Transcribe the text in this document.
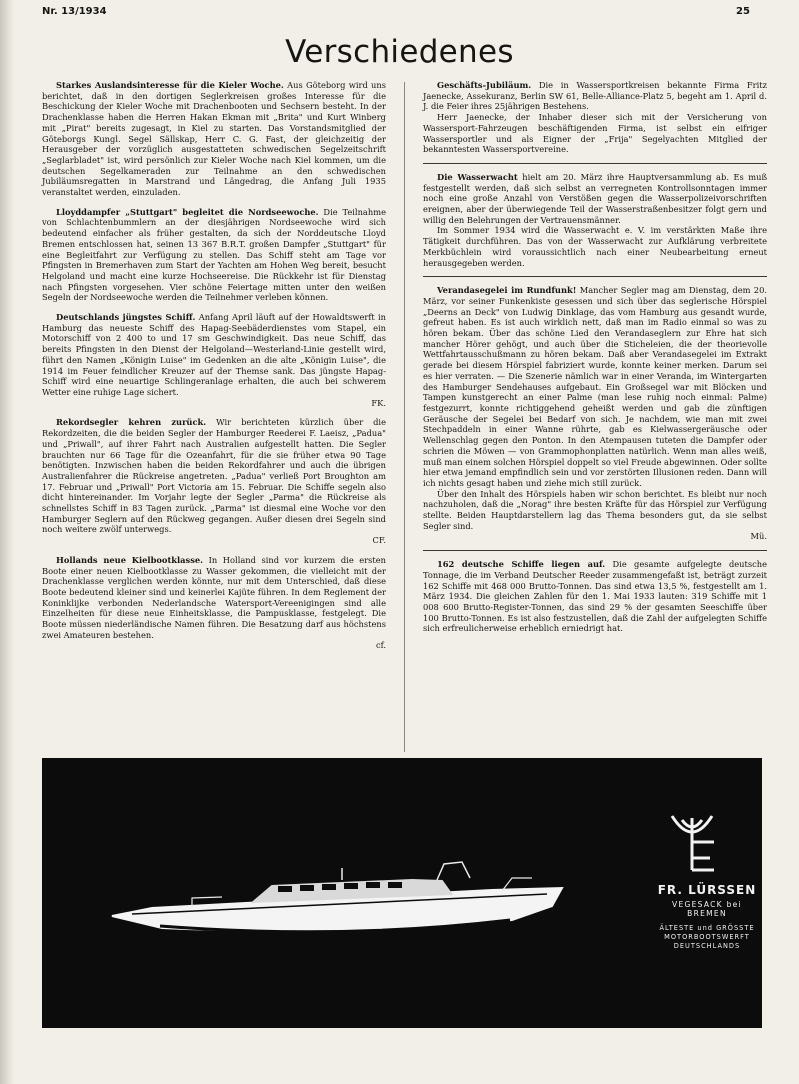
Nr. 13/1934	25
Verschiedenes

Starkes Auslandsinteresse für die Kieler Woche. Aus Göteborg wird uns berichtet, daß in den dortigen Seglerkreisen großes Interesse für die Beschickung der Kieler Woche mit Drachenbooten und Sechsern besteht. In der Drachenklasse haben die Herren Hakan Ekman mit „Brita" und Kurt Winberg mit „Pirat" bereits zugesagt, in Kiel zu starten. Das Vorstandsmitglied der Göteborgs Kungl. Segel Sällskap, Herr C. G. Fast, der gleichzeitig der Herausgeber der vorzüglich ausgestatteten schwedischen Segelzeitschrift „Seglarbladet" ist, wird persönlich zur Kieler Woche nach Kiel kommen, um die deutschen Segelkameraden zur Teilnahme an den schwedischen Jubiläumsregatten in Marstrand und Längedrag, die Anfang Juli 1935 veranstaltet werden, einzuladen.

Lloyddampfer „Stuttgart" begleitet die Nordseewoche. Die Teilnahme von Schlachtenbummlern an der diesjährigen Nordseewoche wird sich bedeutend einfacher als früher gestalten, da sich der Norddeutsche Lloyd Bremen entschlossen hat, seinen 13 367 B.R.T. großen Dampfer „Stuttgart" für eine Begleitfahrt zur Verfügung zu stellen. Das Schiff steht am Tage vor Pfingsten in Bremerhaven zum Start der Yachten am Hohen Weg bereit, besucht Helgoland und macht eine kurze Hochseereise. Die Rückkehr ist für Dienstag nach Pfingsten vorgesehen. Vier schöne Feiertage mitten unter den weißen Segeln der Nordseewoche werden die Teilnehmer verleben können.

Deutschlands jüngstes Schiff. Anfang April läuft auf der Howaldtswerft in Hamburg das neueste Schiff des Hapag-Seebäderdienstes vom Stapel, ein Motorschiff von 2 400 to und 17 sm Geschwindigkeit. Das neue Schiff, das bereits Pfingsten in den Dienst der Helgoland—Westerland-Linie gestellt wird, führt den Namen „Königin Luise" im Gedenken an die alte „Königin Luise", die 1914 im Feuer feindlicher Kreuzer auf der Themse sank. Das jüngste Hapag-Schiff wird eine neuartige Schlingeranlage erhalten, die auch bei schwerem Wetter eine ruhige Lage sichert.

FK.

Rekordsegler kehren zurück. Wir berichteten kürzlich über die Rekordzeiten, die die beiden Segler der Hamburger Reederei F. Laeisz, „Padua" und „Priwall", auf ihrer Fahrt nach Australien aufgestellt hatten. Die Segler brauchten nur 66 Tage für die Ozeanfahrt, für die sie früher etwa 90 Tage benötigten. Inzwischen haben die beiden Rekordfahrer und auch die übrigen Australienfahrer die Rückreise angetreten. „Padua" verließ Port Broughton am 17. Februar und „Priwall" Port Victoria am 15. Februar. Die Schiffe segeln also dicht hintereinander. Im Vorjahr legte der Segler „Parma" die Rückreise als schnellstes Schiff in 83 Tagen zurück. „Parma" ist diesmal eine Woche vor den Hamburger Seglern auf den Rückweg gegangen. Außer diesen drei Segeln sind noch weitere zwölf unterwegs.

CF.

Hollands neue Kielbootklasse. In Holland sind vor kurzem die ersten Boote einer neuen Kielbootklasse zu Wasser gekommen, die vielleicht mit der Drachenklasse verglichen werden könnte, nur mit dem Unterschied, daß diese Boote bedeutend kleiner sind und keinerlei Kajüte führen. In dem Reglement der Koninklijke verbonden Nederlandsche Watersport-Vereenigingen sind alle Einzelheiten für diese neue Einheitsklasse, die Pampusklasse, festgelegt. Die Boote müssen niederländische Namen führen. Die Besatzung darf aus höchstens zwei Amateuren bestehen.

cf.

Geschäfts-Jubiläum. Die in Wassersportkreisen bekannte Firma Fritz Jaenecke, Assekuranz, Berlin SW 61, Belle-Alliance-Platz 5, begeht am 1. April d. J. die Feier ihres 25jährigen Bestehens.

Herr Jaenecke, der Inhaber dieser sich mit der Versicherung von Wassersport-Fahrzeugen beschäftigenden Firma, ist selbst ein eifriger Wassersportler und als Eigner der „Frija" Segelyachten Mitglied der bekanntesten Wassersportvereine.

Die Wasserwacht hielt am 20. März ihre Hauptversammlung ab. Es muß festgestellt werden, daß sich selbst an verregneten Kontrollsonntagen immer noch eine große Anzahl von Verstößen gegen die Wasserpolizeivorschriften ereignen, aber der überwiegende Teil der Wasserstraßenbesitzer folgt gern und willig den Belehrungen der Vertrauensmänner.

Im Sommer 1934 wird die Wasserwacht e. V. im verstärkten Maße ihre Tätigkeit durchführen. Das von der Wasserwacht zur Aufklärung verbreitete Merkbüchlein wird voraussichtlich nach einer Neubearbeitung erneut herausgegeben werden.

Verandasegelei im Rundfunk! Mancher Segler mag am Dienstag, dem 20. März, vor seiner Funkenkiste gesessen und sich über das seglerische Hörspiel „Deerns an Deck" von Ludwig Dinklage, das vom Hamburg aus gesandt wurde, gefreut haben. Es ist auch wirklich nett, daß man im Radio einmal so was zu hören bekam. Über das schöne Lied den Verandaseglern zur Ehre hat sich mancher Hörer gehögt, und auch über die Sticheleien, die der theorievolle Wettfahrtausschußmann zu hören bekam. Daß aber Verandasegelei im Extrakt gerade bei diesem Hörspiel fabriziert wurde, konnte keiner merken. Darum sei es hier verraten. — Die Szenerie nämlich war in einer Veranda, im Wintergarten des Hamburger Sendehauses aufgebaut. Ein Großsegel war mit Blöcken und Tampen kunstgerecht an einer Palme (man lese ruhig noch einmal: Palme) festgezurrt, konnte richtiggehend geheißt werden und gab die zünftigen Geräusche der Segelei bei Bedarf von sich. Je nachdem, wie man mit zwei Stechpaddeln in einer Wanne rührte, gab es Kielwassergeräusche oder Wellenschlag gegen den Ponton. In den Atempausen tuteten die Dampfer oder schrien die Möwen — von Grammophonplatten natürlich. Wenn man alles weiß, muß man einem solchen Hörspiel doppelt so viel Freude abgewinnen. Oder sollte hier etwa jemand empfindlich sein und vor zerstörten Illusionen reden. Dann will ich nichts gesagt haben und ziehe mich still zurück.

Über den Inhalt des Hörspiels haben wir schon berichtet. Es bleibt nur noch nachzuholen, daß die „Norag" ihre besten Kräfte für das Hörspiel zur Verfügung stellte. Beiden Hauptdarstellern lag das Thema besonders gut, da sie selbst Segler sind.

Mü.

162 deutsche Schiffe liegen auf. Die gesamte aufgelegte deutsche Tonnage, die im Verband Deutscher Reeder zusammengefaßt ist, beträgt zurzeit 162 Schiffe mit 468 000 Brutto-Tonnen. Das sind etwa 13,5 %, festgestellt am 1. März 1934. Die gleichen Zahlen für den 1. Mai 1933 lauten: 319 Schiffe mit 1 008 600 Brutto-Register-Tonnen, das sind 29 % der gesamten Seeschiffe über 100 Brutto-Tonnen. Es ist also festzustellen, daß die Zahl der aufgelegten Schiffe sich erfreulicherweise erheblich erniedrigt hat.

FR. LÜRSSEN
VEGESACK bei BREMEN
ÄLTESTE und GRÖSSTE
MOTORBOOTSWERFT
DEUTSCHLANDS
